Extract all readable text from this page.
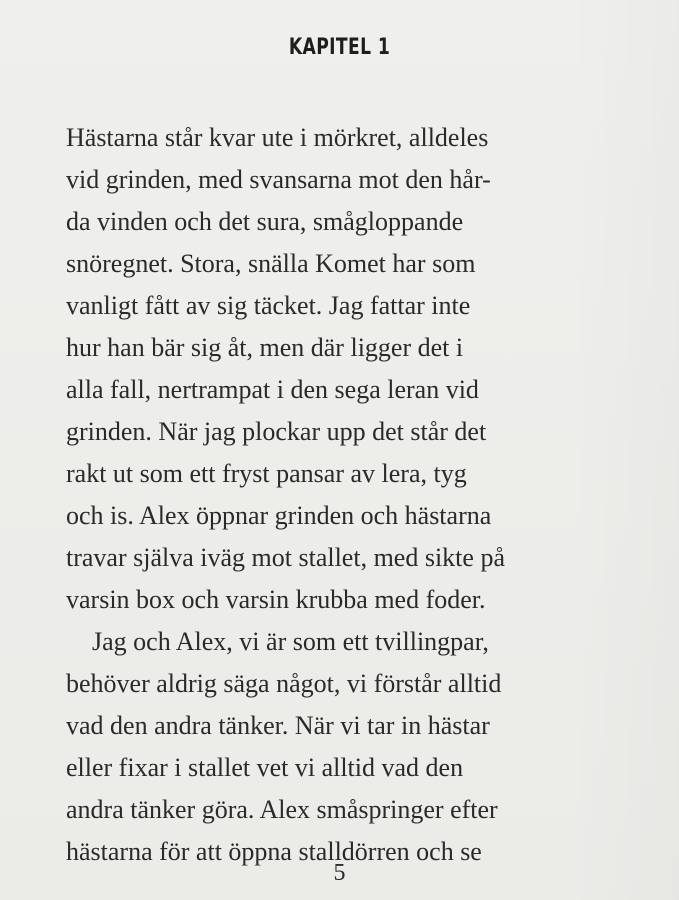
KAPITEL 1
Hästarna står kvar ute i mörkret, alldeles
vid grinden, med svansarna mot den hår-
da vinden och det sura, smågloppande
snöregnet. Stora, snälla Komet har som
vanligt fått av sig täcket. Jag fattar inte
hur han bär sig åt, men där ligger det i
alla fall, nertrampat i den sega leran vid
grinden. När jag plockar upp det står det
rakt ut som ett fryst pansar av lera, tyg
och is. Alex öppnar grinden och hästarna
travar själva iväg mot stallet, med sikte på
varsin box och varsin krubba med foder.
Jag och Alex, vi är som ett tvillingpar,
behöver aldrig säga något, vi förstår alltid
vad den andra tänker. När vi tar in hästar
eller fixar i stallet vet vi alltid vad den
andra tänker göra. Alex småspringer efter
hästarna för att öppna stalldörren och se
5
